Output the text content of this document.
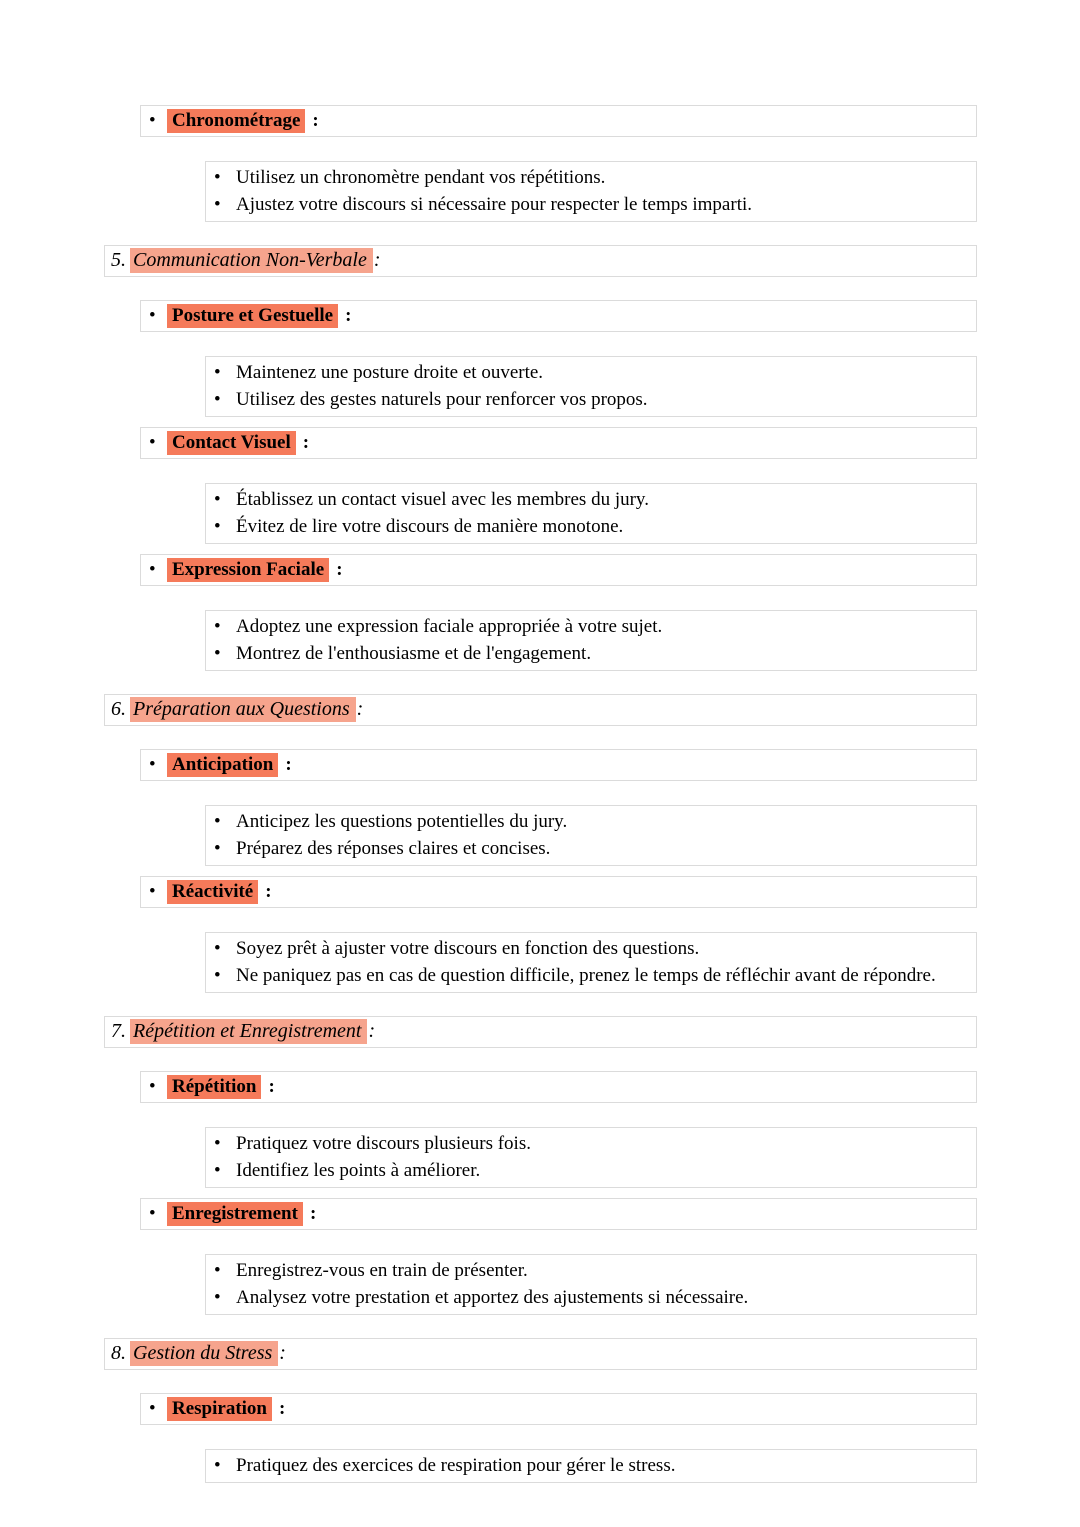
• Chronométrage :
• Utilisez un chronomètre pendant vos répétitions.
• Ajustez votre discours si nécessaire pour respecter le temps imparti.
5. Communication Non-Verbale :
• Posture et Gestuelle :
• Maintenez une posture droite et ouverte.
• Utilisez des gestes naturels pour renforcer vos propos.
• Contact Visuel :
• Établissez un contact visuel avec les membres du jury.
• Évitez de lire votre discours de manière monotone.
• Expression Faciale :
• Adoptez une expression faciale appropriée à votre sujet.
• Montrez de l'enthousiasme et de l'engagement.
6. Préparation aux Questions :
• Anticipation :
• Anticipez les questions potentielles du jury.
• Préparez des réponses claires et concises.
• Réactivité :
• Soyez prêt à ajuster votre discours en fonction des questions.
• Ne paniquez pas en cas de question difficile, prenez le temps de réfléchir avant de répondre.
7. Répétition et Enregistrement :
• Répétition :
• Pratiquez votre discours plusieurs fois.
• Identifiez les points à améliorer.
• Enregistrement :
• Enregistrez-vous en train de présenter.
• Analysez votre prestation et apportez des ajustements si nécessaire.
8. Gestion du Stress :
• Respiration :
• Pratiquez des exercices de respiration pour gérer le stress.
